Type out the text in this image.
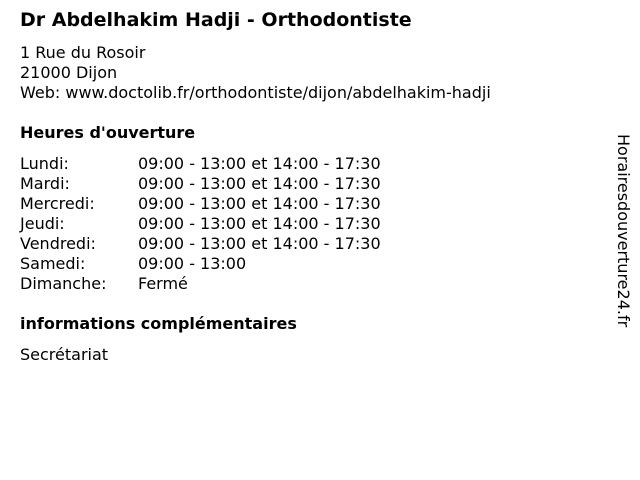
Dr Abdelhakim Hadji - Orthodontiste
1 Rue du Rosoir
21000 Dijon
Web: www.doctolib.fr/orthodontiste/dijon/abdelhakim-hadji
Heures d'ouverture
Lundi:	09:00 - 13:00 et 14:00 - 17:30
Mardi:	09:00 - 13:00 et 14:00 - 17:30
Mercredi:	09:00 - 13:00 et 14:00 - 17:30
Jeudi:	09:00 - 13:00 et 14:00 - 17:30
Vendredi:	09:00 - 13:00 et 14:00 - 17:30
Samedi:	09:00 - 13:00
Dimanche:	Fermé
informations complémentaires
Secrétariat
Horairesdouverture24.fr
